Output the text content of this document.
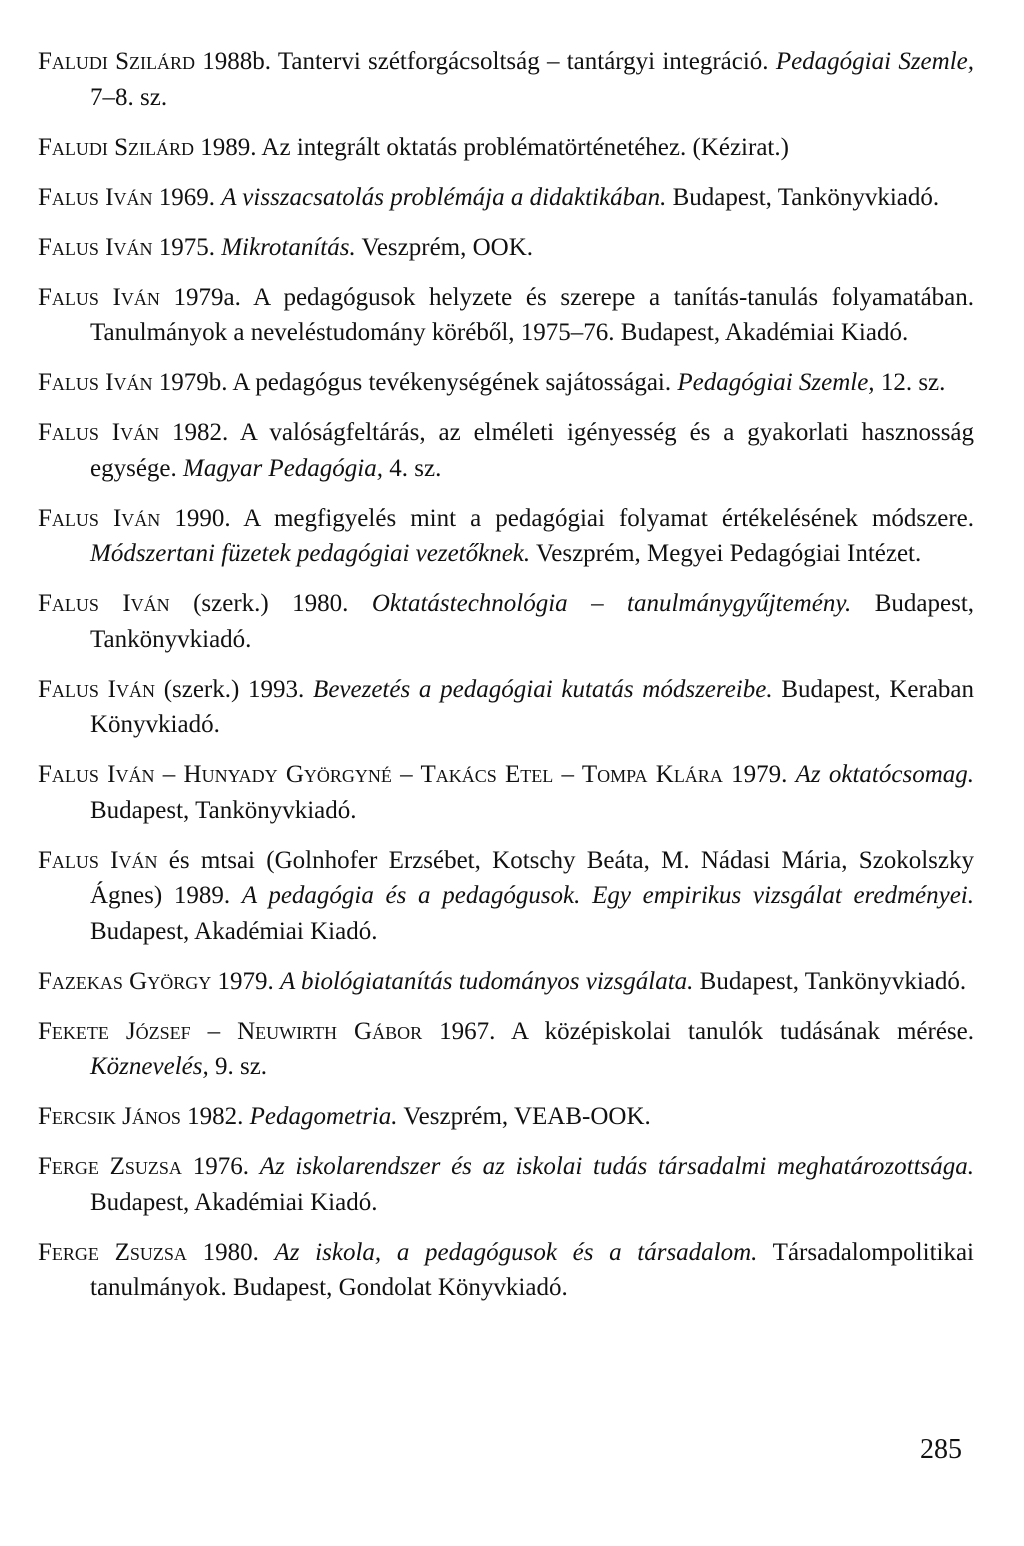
Faludi Szilárd 1988b. Tantervi szétforgácsoltság – tantárgyi integráció. Pedagógiai Szemle, 7–8. sz.

Faludi Szilárd 1989. Az integrált oktatás problématörténetéhez. (Kézirat.)

Falus Iván 1969. A visszacsatolás problémája a didaktikában. Budapest, Tankönyvkiadó.

Falus Iván 1975. Mikrotanítás. Veszprém, OOK.

Falus Iván 1979a. A pedagógusok helyzete és szerepe a tanítás-tanulás folyamatában. Tanulmányok a neveléstudomány köréből, 1975–76. Budapest, Akadémiai Kiadó.

Falus Iván 1979b. A pedagógus tevékenységének sajátosságai. Pedagógiai Szemle, 12. sz.

Falus Iván 1982. A valóságfeltárás, az elméleti igényesség és a gyakorlati hasznosság egysége. Magyar Pedagógia, 4. sz.

Falus Iván 1990. A megfigyelés mint a pedagógiai folyamat értékelésének módszere. Módszertani füzetek pedagógiai vezetőknek. Veszprém, Megyei Pedagógiai Intézet.

Falus Iván (szerk.) 1980. Oktatástechnológia – tanulmánygyűjtemény. Budapest, Tankönyvkiadó.

Falus Iván (szerk.) 1993. Bevezetés a pedagógiai kutatás módszereibe. Budapest, Keraban Könyvkiadó.

Falus Iván – Hunyady Györgyné – Takács Etel – Tompa Klára 1979. Az oktatócsomag. Budapest, Tankönyvkiadó.

Falus Iván és mtsai (Golnhofer Erzsébet, Kotschy Beáta, M. Nádasi Mária, Szokolszky Ágnes) 1989. A pedagógia és a pedagógusok. Egy empirikus vizsgálat eredményei. Budapest, Akadémiai Kiadó.

Fazekas György 1979. A biológiatanítás tudományos vizsgálata. Budapest, Tankönyvkiadó.

Fekete József – Neuwirth Gábor 1967. A középiskolai tanulók tudásának mérése. Köznevelés, 9. sz.

Fercsik János 1982. Pedagometria. Veszprém, VEAB-OOK.

Ferge Zsuzsa 1976. Az iskolarendszer és az iskolai tudás társadalmi meghatározottsága. Budapest, Akadémiai Kiadó.

Ferge Zsuzsa 1980. Az iskola, a pedagógusok és a társadalom. Társadalompolitikai tanulmányok. Budapest, Gondolat Könyvkiadó.

285
